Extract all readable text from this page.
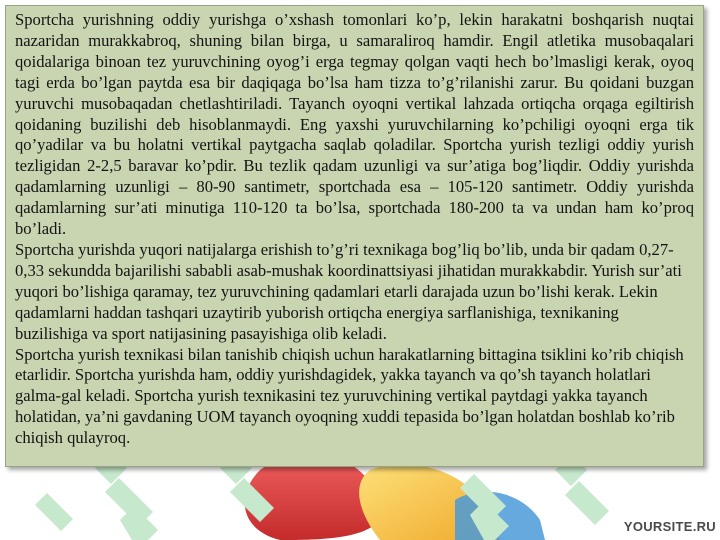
Sportcha yurishning oddiy yurishga o’xshash tomonlari ko’p, lekin harakatni boshqarish nuqtai nazaridan murakkabroq, shuning bilan birga, u samaraliroq hamdir. Engil atletika musobaqalari qoidalariga binoan tez yuruvchining oyog’i erga tegmay qolgan vaqti hech bo’lmasligi kerak, oyoq tagi erda bo’lgan paytda esa bir daqiqaga bo’lsa ham tizza to’g’rilanishi zarur. Bu qoidani buzgan yuruvchi musobaqadan chetlashtiriladi. Tayanch oyoqni vertikal lahzada ortiqcha orqaga egiltirish qoidaning buzilishi deb hisoblanmaydi. Eng yaxshi yuruvchilarning ko’pchiligi oyoqni erga tik qo’yadilar va bu holatni vertikal paytgacha saqlab qoladilar. Sportcha yurish tezligi oddiy yurish tezligidan 2-2,5 baravar ko’pdir. Bu tezlik qadam uzunligi va sur’atiga bog’liqdir. Oddiy yurishda qadamlarning uzunligi – 80-90 santimetr, sportchada esa – 105-120 santimetr. Oddiy yurishda qadamlarning sur’ati minutiga 110-120 ta bo’lsa, sportchada 180-200 ta va undan ham ko’proq bo’ladi.

Sportcha yurishda yuqori natijalarga erishish to’g’ri texnikaga bog’liq bo’lib, unda bir qadam 0,27-0,33 sekundda bajarilishi sababli asab-mushak koordinattsiyasi jihatidan murakkabdir. Yurish sur’ati yuqori bo’lishiga qaramay, tez yuruvchining qadamlari etarli darajada uzun bo’lishi kerak. Lekin qadamlarni haddan tashqari uzaytirib yuborish ortiqcha energiya sarflanishiga, texnikaning buzilishiga va sport natijasining pasayishiga olib keladi.

Sportcha yurish texnikasi bilan tanishib chiqish uchun harakatlarning bittagina tsiklini ko’rib chiqish etarlidir. Sportcha yurishda ham, oddiy yurishdagidek, yakka tayanch va qo’sh tayanch holatlari galma-gal keladi. Sportcha yurish texnikasini tez yuruvchining vertikal paytdagi yakka tayanch holatidan, ya’ni gavdaning UOM tayanch oyoqning xuddi tepasida bo’lgan holatdan boshlab ko’rib chiqish qulayroq.

YOURSITE.RU
